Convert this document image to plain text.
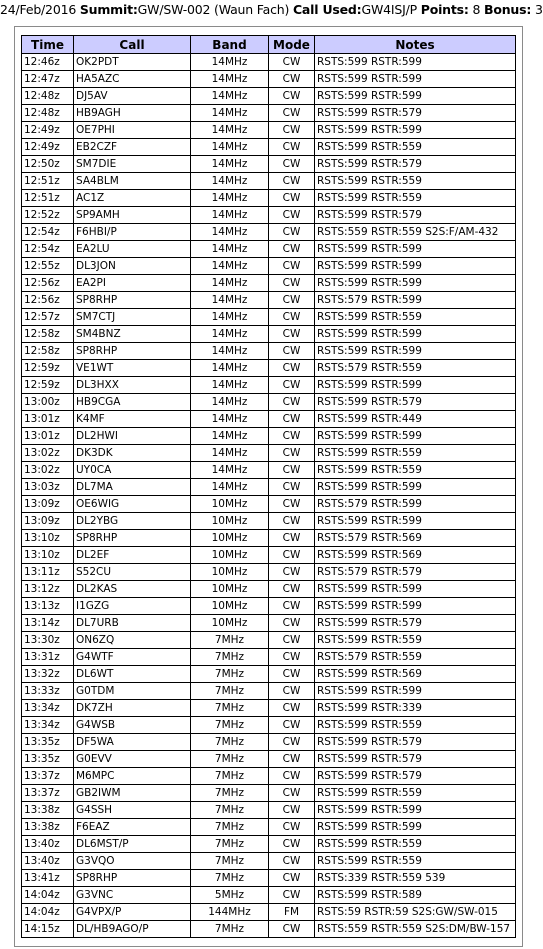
24/Feb/2016 Summit:GW/SW-002 (Waun Fach) Call Used:GW4ISJ/P Points: 8 Bonus: 3
Time	Call	Band	Mode	Notes
12:46z	OK2PDT	14MHz	CW	RSTS:599 RSTR:599
12:47z	HA5AZC	14MHz	CW	RSTS:599 RSTR:599
12:48z	DJ5AV	14MHz	CW	RSTS:599 RSTR:599
12:48z	HB9AGH	14MHz	CW	RSTS:599 RSTR:579
12:49z	OE7PHI	14MHz	CW	RSTS:599 RSTR:599
12:49z	EB2CZF	14MHz	CW	RSTS:599 RSTR:559
12:50z	SM7DIE	14MHz	CW	RSTS:599 RSTR:579
12:51z	SA4BLM	14MHz	CW	RSTS:599 RSTR:559
12:51z	AC1Z	14MHz	CW	RSTS:599 RSTR:559
12:52z	SP9AMH	14MHz	CW	RSTS:599 RSTR:579
12:54z	F6HBI/P	14MHz	CW	RSTS:559 RSTR:559 S2S:F/AM-432
12:54z	EA2LU	14MHz	CW	RSTS:599 RSTR:599
12:55z	DL3JON	14MHz	CW	RSTS:599 RSTR:599
12:56z	EA2PI	14MHz	CW	RSTS:599 RSTR:599
12:56z	SP8RHP	14MHz	CW	RSTS:579 RSTR:599
12:57z	SM7CTJ	14MHz	CW	RSTS:599 RSTR:559
12:58z	SM4BNZ	14MHz	CW	RSTS:599 RSTR:599
12:58z	SP8RHP	14MHz	CW	RSTS:599 RSTR:599
12:59z	VE1WT	14MHz	CW	RSTS:579 RSTR:559
12:59z	DL3HXX	14MHz	CW	RSTS:599 RSTR:599
13:00z	HB9CGA	14MHz	CW	RSTS:599 RSTR:579
13:01z	K4MF	14MHz	CW	RSTS:599 RSTR:449
13:01z	DL2HWI	14MHz	CW	RSTS:599 RSTR:599
13:02z	DK3DK	14MHz	CW	RSTS:599 RSTR:559
13:02z	UY0CA	14MHz	CW	RSTS:599 RSTR:559
13:03z	DL7MA	14MHz	CW	RSTS:599 RSTR:599
13:09z	OE6WIG	10MHz	CW	RSTS:579 RSTR:599
13:09z	DL2YBG	10MHz	CW	RSTS:599 RSTR:599
13:10z	SP8RHP	10MHz	CW	RSTS:579 RSTR:569
13:10z	DL2EF	10MHz	CW	RSTS:599 RSTR:569
13:11z	S52CU	10MHz	CW	RSTS:579 RSTR:579
13:12z	DL2KAS	10MHz	CW	RSTS:599 RSTR:599
13:13z	I1GZG	10MHz	CW	RSTS:599 RSTR:599
13:14z	DL7URB	10MHz	CW	RSTS:599 RSTR:579
13:30z	ON6ZQ	7MHz	CW	RSTS:599 RSTR:559
13:31z	G4WTF	7MHz	CW	RSTS:579 RSTR:559
13:32z	DL6WT	7MHz	CW	RSTS:599 RSTR:569
13:33z	G0TDM	7MHz	CW	RSTS:599 RSTR:599
13:34z	DK7ZH	7MHz	CW	RSTS:599 RSTR:339
13:34z	G4WSB	7MHz	CW	RSTS:599 RSTR:559
13:35z	DF5WA	7MHz	CW	RSTS:599 RSTR:579
13:35z	G0EVV	7MHz	CW	RSTS:599 RSTR:579
13:37z	M6MPC	7MHz	CW	RSTS:599 RSTR:579
13:37z	GB2IWM	7MHz	CW	RSTS:599 RSTR:559
13:38z	G4SSH	7MHz	CW	RSTS:599 RSTR:599
13:38z	F6EAZ	7MHz	CW	RSTS:599 RSTR:599
13:40z	DL6MST/P	7MHz	CW	RSTS:599 RSTR:559
13:40z	G3VQO	7MHz	CW	RSTS:599 RSTR:559
13:41z	SP8RHP	7MHz	CW	RSTS:339 RSTR:559 539
14:04z	G3VNC	5MHz	CW	RSTS:599 RSTR:589
14:04z	G4VPX/P	144MHz	FM	RSTS:59 RSTR:59 S2S:GW/SW-015
14:15z	DL/HB9AGO/P	7MHz	CW	RSTS:559 RSTR:559 S2S:DM/BW-157
